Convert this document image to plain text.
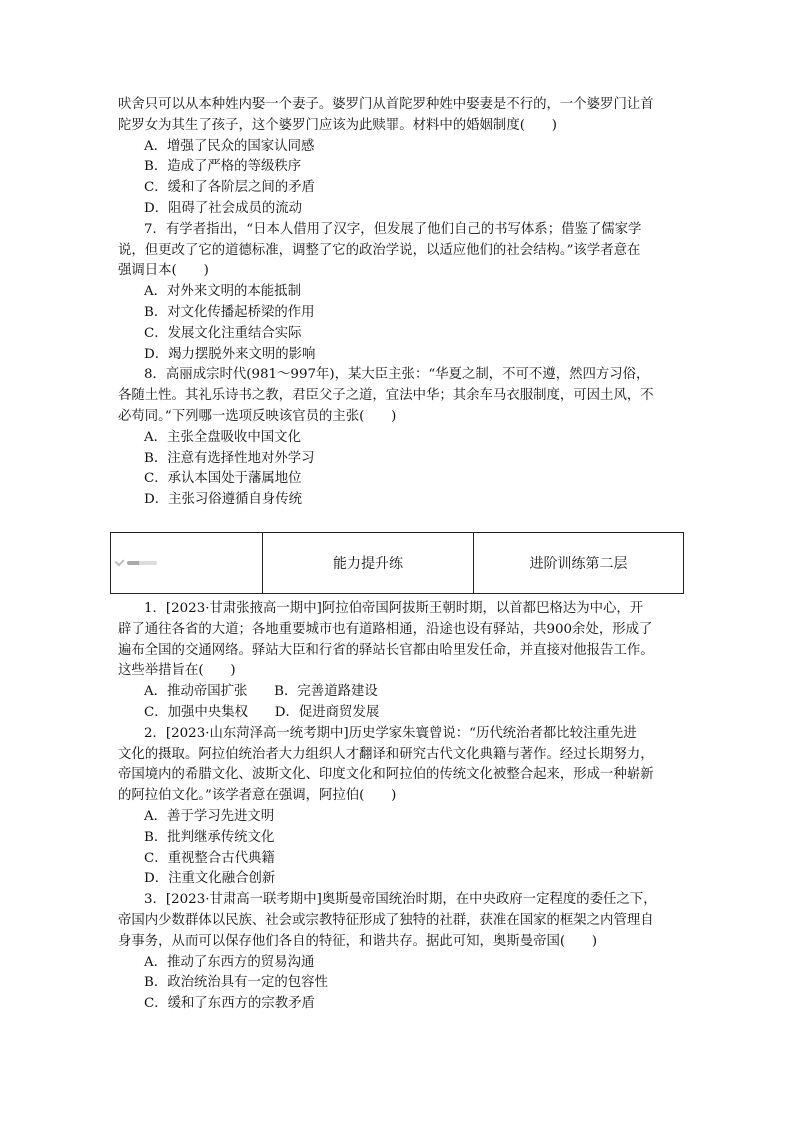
吠舍只可以从本种姓内娶一个妻子。婆罗门从首陀罗种姓中娶妻是不行的，一个婆罗门让首
陀罗女为其生了孩子，这个婆罗门应该为此赎罪。材料中的婚姻制度(　　)
A．增强了民众的国家认同感
B．造成了严格的等级秩序
C．缓和了各阶层之间的矛盾
D．阻碍了社会成员的流动
7．有学者指出，“日本人借用了汉字，但发展了他们自己的书写体系；借鉴了儒家学
说，但更改了它的道德标准，调整了它的政治学说，以适应他们的社会结构。”该学者意在
强调日本(　　)
A．对外来文明的本能抵制
B．对文化传播起桥梁的作用
C．发展文化注重结合实际
D．竭力摆脱外来文明的影响
8．高丽成宗时代(981～997年)，某大臣主张：“华夏之制，不可不遵，然四方习俗，
各随土性。其礼乐诗书之教，君臣父子之道，宜法中华；其余车马衣服制度，可因土风，不
必苟同。”下列哪一选项反映该官员的主张(　　)
A．主张全盘吸收中国文化
B．注意有选择性地对外学习
C．承认本国处于藩属地位
D．主张习俗遵循自身传统
能力提升练	进阶训练第二层
1．[2023·甘肃张掖高一期中]阿拉伯帝国阿拔斯王朝时期，以首都巴格达为中心，开
辟了通往各省的大道；各地重要城市也有道路相通，沿途也设有驿站，共900余处，形成了
遍布全国的交通网络。驿站大臣和行省的驿站长官都由哈里发任命，并直接对他报告工作。
这些举措旨在(　　)
A．推动帝国扩张　　B．完善道路建设
C．加强中央集权　　D．促进商贸发展
2．[2023·山东菏泽高一统考期中]历史学家朱寰曾说：“历代统治者都比较注重先进
文化的摄取。阿拉伯统治者大力组织人才翻译和研究古代文化典籍与著作。经过长期努力，
帝国境内的希腊文化、波斯文化、印度文化和阿拉伯的传统文化被整合起来，形成一种崭新
的阿拉伯文化。”该学者意在强调，阿拉伯(　　)
A．善于学习先进文明
B．批判继承传统文化
C．重视整合古代典籍
D．注重文化融合创新
3．[2023·甘肃高一联考期中]奥斯曼帝国统治时期，在中央政府一定程度的委任之下，
帝国内少数群体以民族、社会或宗教特征形成了独特的社群，获准在国家的框架之内管理自
身事务，从而可以保存他们各自的特征，和谐共存。据此可知，奥斯曼帝国(　　)
A．推动了东西方的贸易沟通
B．政治统治具有一定的包容性
C．缓和了东西方的宗教矛盾
